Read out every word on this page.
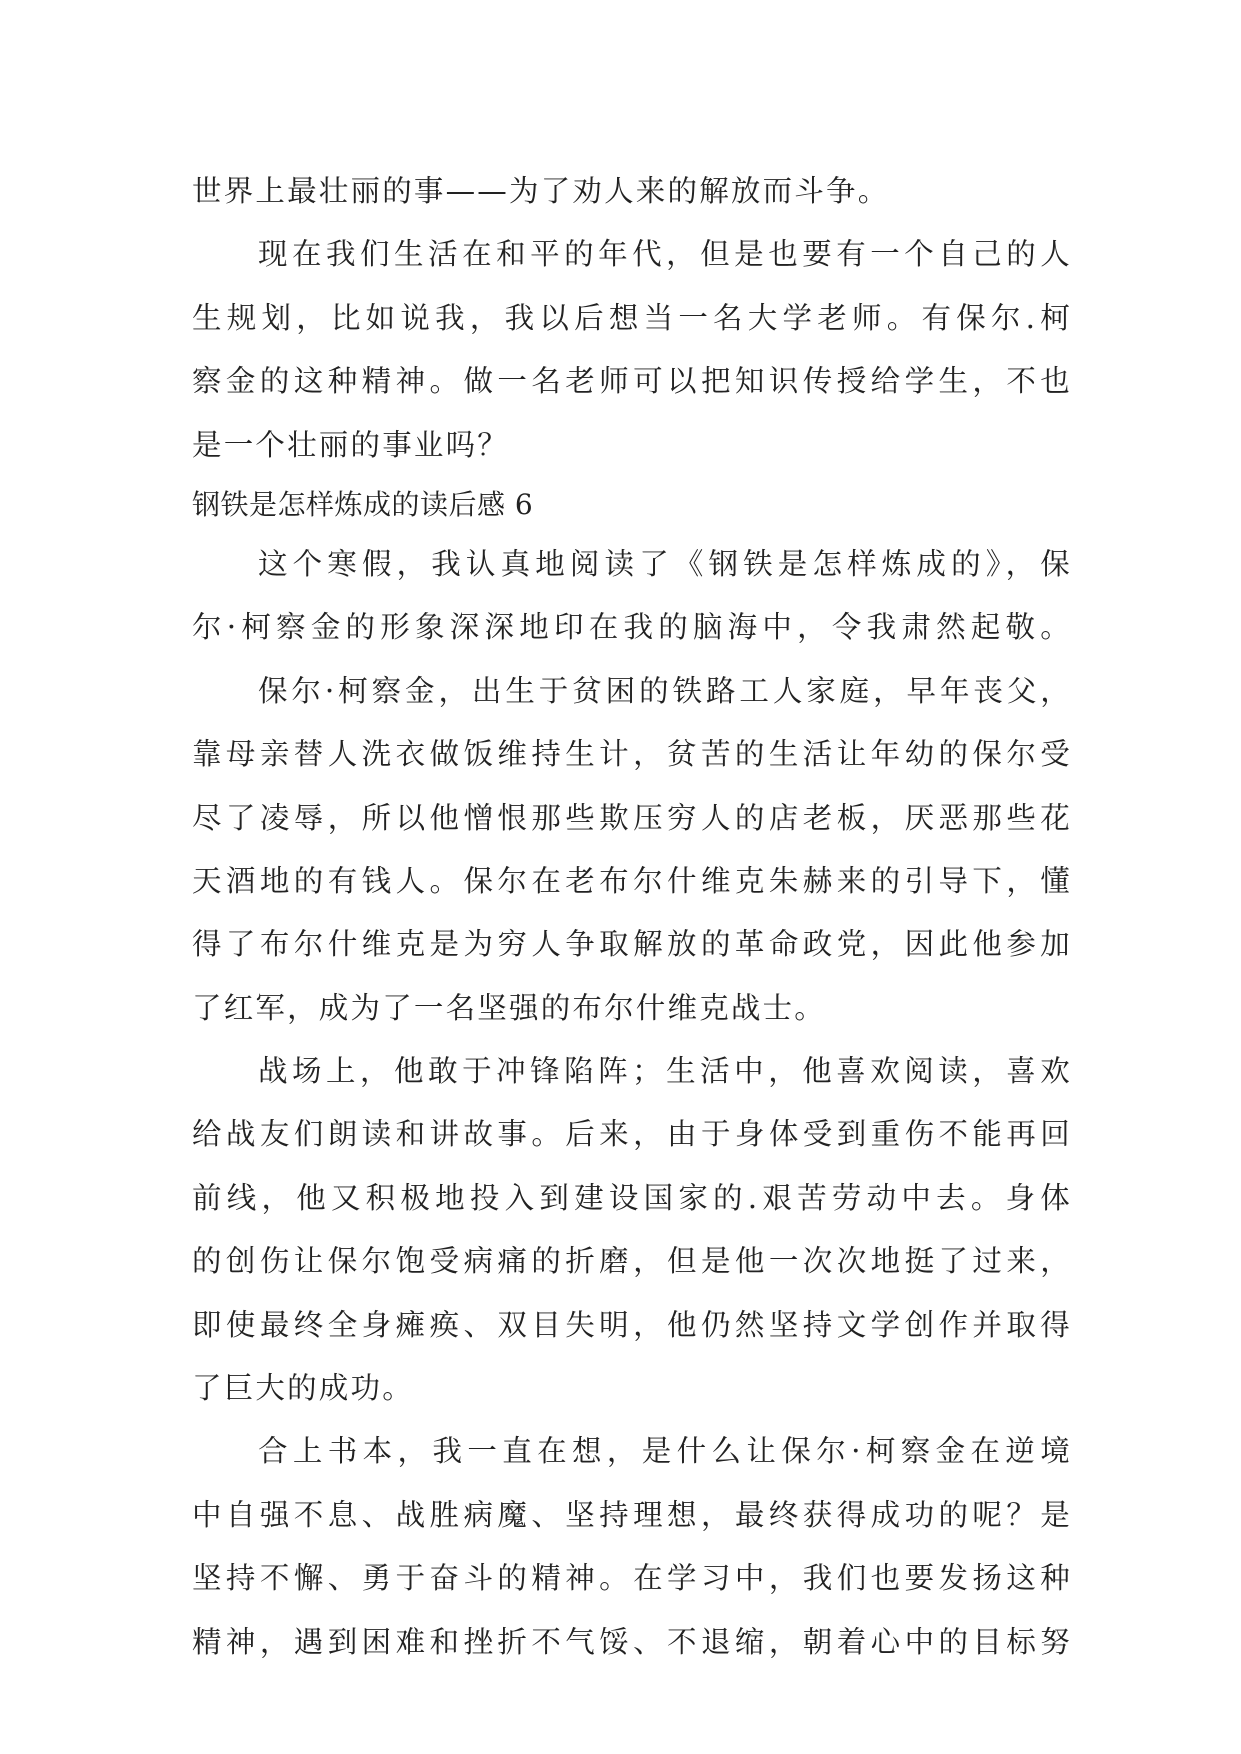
世界上最壮丽的事——为了劝人来的解放而斗争。
现在我们生活在和平的年代，但是也要有一个自己的人
生规划，比如说我，我以后想当一名大学老师。有保尔.柯
察金的这种精神。做一名老师可以把知识传授给学生，不也
是一个壮丽的事业吗？
钢铁是怎样炼成的读后感 6
这个寒假，我认真地阅读了《钢铁是怎样炼成的》，保
尔·柯察金的形象深深地印在我的脑海中，令我肃然起敬。
保尔·柯察金，出生于贫困的铁路工人家庭，早年丧父，
靠母亲替人洗衣做饭维持生计，贫苦的生活让年幼的保尔受
尽了凌辱，所以他憎恨那些欺压穷人的店老板，厌恶那些花
天酒地的有钱人。保尔在老布尔什维克朱赫来的引导下，懂
得了布尔什维克是为穷人争取解放的革命政党，因此他参加
了红军，成为了一名坚强的布尔什维克战士。
战场上，他敢于冲锋陷阵；生活中，他喜欢阅读，喜欢
给战友们朗读和讲故事。后来，由于身体受到重伤不能再回
前线，他又积极地投入到建设国家的.艰苦劳动中去。身体
的创伤让保尔饱受病痛的折磨，但是他一次次地挺了过来，
即使最终全身瘫痪、双目失明，他仍然坚持文学创作并取得
了巨大的成功。
合上书本，我一直在想，是什么让保尔·柯察金在逆境
中自强不息、战胜病魔、坚持理想，最终获得成功的呢？是
坚持不懈、勇于奋斗的精神。在学习中，我们也要发扬这种
精神，遇到困难和挫折不气馁、不退缩，朝着心中的目标努
